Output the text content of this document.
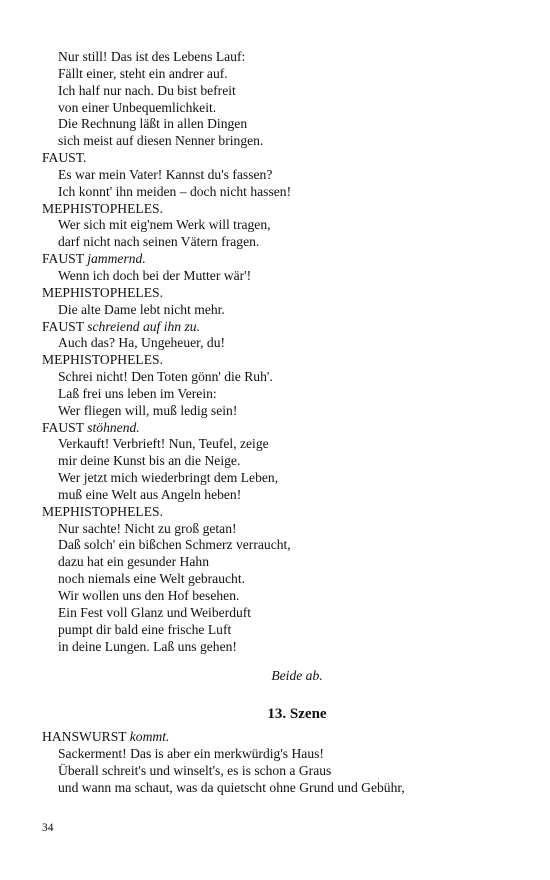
Nur still! Das ist des Lebens Lauf:
Fällt einer, steht ein andrer auf.
Ich half nur nach. Du bist befreit
von einer Unbequemlichkeit.
Die Rechnung läßt in allen Dingen
sich meist auf diesen Nenner bringen.
FAUST.
Es war mein Vater! Kannst du's fassen?
Ich konnt' ihn meiden – doch nicht hassen!
MEPHISTOPHELES.
Wer sich mit eig'nem Werk will tragen,
darf nicht nach seinen Vätern fragen.
FAUST jammernd.
Wenn ich doch bei der Mutter wär'!
MEPHISTOPHELES.
Die alte Dame lebt nicht mehr.
FAUST schreiend auf ihn zu.
Auch das? Ha, Ungeheuer, du!
MEPHISTOPHELES.
Schrei nicht! Den Toten gönn' die Ruh'.
Laß frei uns leben im Verein:
Wer fliegen will, muß ledig sein!
FAUST stöhnend.
Verkauft! Verbrieft! Nun, Teufel, zeige
mir deine Kunst bis an die Neige.
Wer jetzt mich wiederbringt dem Leben,
muß eine Welt aus Angeln heben!
MEPHISTOPHELES.
Nur sachte! Nicht zu groß getan!
Daß solch' ein bißchen Schmerz verraucht,
dazu hat ein gesunder Hahn
noch niemals eine Welt gebraucht.
Wir wollen uns den Hof besehen.
Ein Fest voll Glanz und Weiberduft
pumpt dir bald eine frische Luft
in deine Lungen. Laß uns gehen!
Beide ab.
13. Szene
HANSWURST kommt.
Sackerment! Das is aber ein merkwürdig's Haus!
Überall schreit's und winselt's, es is schon a Graus
und wann ma schaut, was da quietscht ohne Grund und Gebühr,
34
